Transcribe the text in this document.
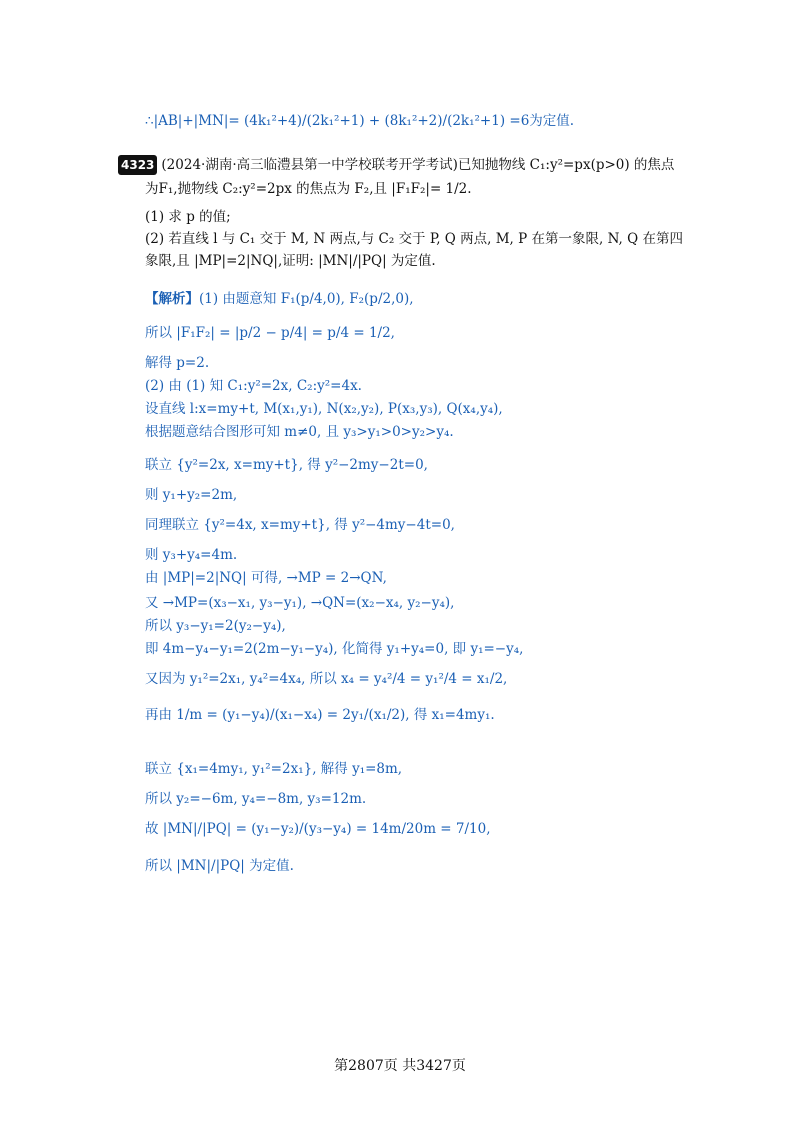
∴|AB|+|MN|= (4k₁²+4)/(2k₁²+1) + (8k₁²+2)/(2k₁²+1) =6为定值.
4323 (2024·湖南·高三临澧县第一中学校联考开学考试)已知抛物线 C₁:y²=px(p>0) 的焦点
为F₁,抛物线 C₂:y²=2px 的焦点为 F₂,且 |F₁F₂|= 1/2.
(1) 求 p 的值;
(2) 若直线 l 与 C₁ 交于 M, N 两点,与 C₂ 交于 P, Q 两点, M, P 在第一象限, N, Q 在第四
象限,且 |MP|=2|NQ|,证明: |MN|/|PQ| 为定值.
【解析】(1) 由题意知 F₁(p/4,0), F₂(p/2,0),
所以 |F₁F₂| = |p/2 − p/4| = p/4 = 1/2,
解得 p=2.
(2) 由 (1) 知 C₁:y²=2x, C₂:y²=4x.
设直线 l:x=my+t, M(x₁,y₁), N(x₂,y₂), P(x₃,y₃), Q(x₄,y₄),
根据题意结合图形可知 m≠0, 且 y₃>y₁>0>y₂>y₄.
联立 {y²=2x, x=my+t}, 得 y²−2my−2t=0,
则 y₁+y₂=2m,
同理联立 {y²=4x, x=my+t}, 得 y²−4my−4t=0,
则 y₃+y₄=4m.
由 |MP|=2|NQ| 可得, →MP = 2→QN,
又 →MP=(x₃−x₁, y₃−y₁), →QN=(x₂−x₄, y₂−y₄),
所以 y₃−y₁=2(y₂−y₄),
即 4m−y₄−y₁=2(2m−y₁−y₄), 化简得 y₁+y₄=0, 即 y₁=−y₄,
又因为 y₁²=2x₁, y₄²=4x₄, 所以 x₄ = y₄²/4 = y₁²/4 = x₁/2,
再由 1/m = (y₁−y₄)/(x₁−x₄) = 2y₁/(x₁/2), 得 x₁=4my₁.
联立 {x₁=4my₁, y₁²=2x₁}, 解得 y₁=8m,
所以 y₂=−6m, y₄=−8m, y₃=12m.
故 |MN|/|PQ| = (y₁−y₂)/(y₃−y₄) = 14m/20m = 7/10,
所以 |MN|/|PQ| 为定值.
第2807页 共3427页
